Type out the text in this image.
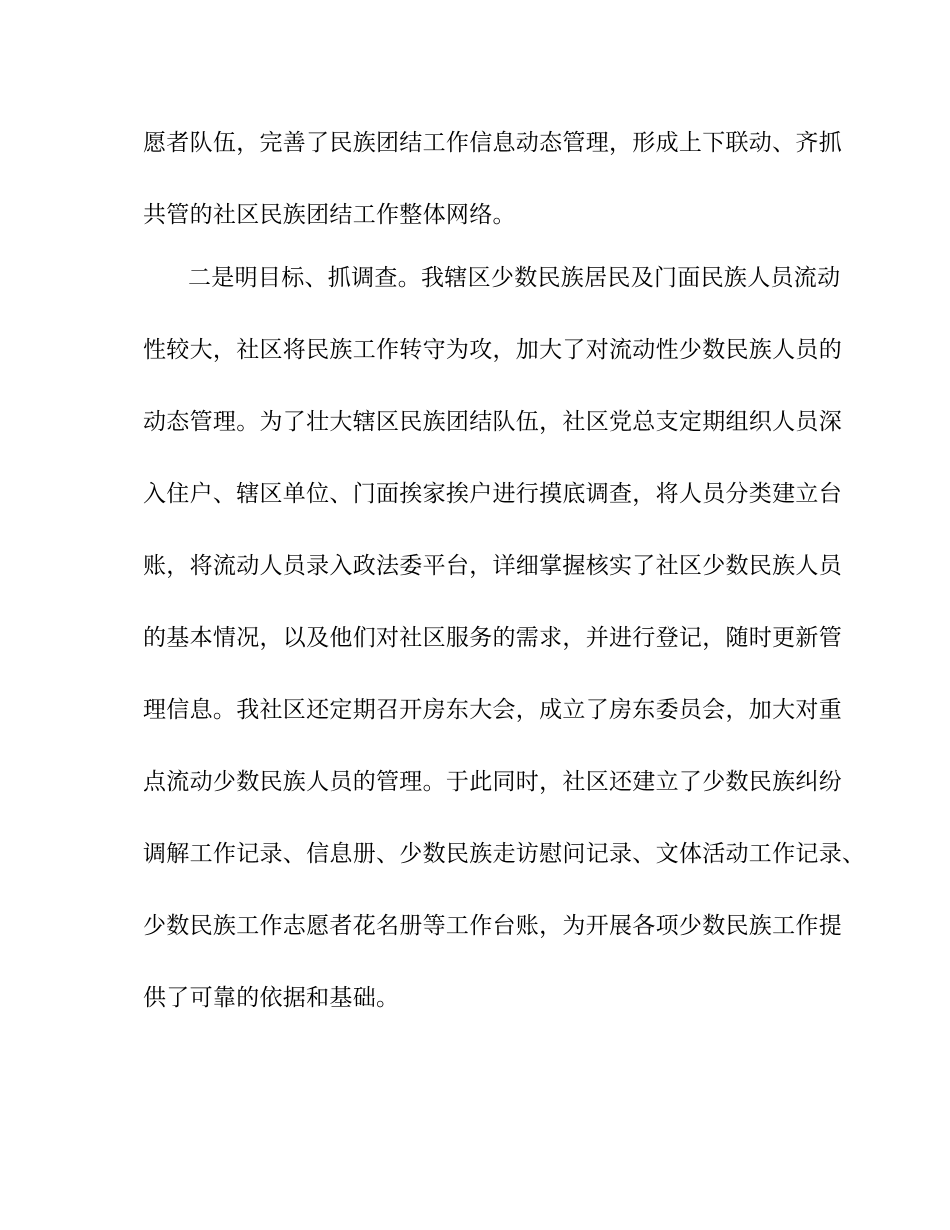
愿者队伍，完善了民族团结工作信息动态管理，形成上下联动、齐抓
共管的社区民族团结工作整体网络。
二是明目标、抓调查。我辖区少数民族居民及门面民族人员流动
性较大，社区将民族工作转守为攻，加大了对流动性少数民族人员的
动态管理。为了壮大辖区民族团结队伍，社区党总支定期组织人员深
入住户、辖区单位、门面挨家挨户进行摸底调查，将人员分类建立台
账，将流动人员录入政法委平台，详细掌握核实了社区少数民族人员
的基本情况，以及他们对社区服务的需求，并进行登记，随时更新管
理信息。我社区还定期召开房东大会，成立了房东委员会，加大对重
点流动少数民族人员的管理。于此同时，社区还建立了少数民族纠纷
调解工作记录、信息册、少数民族走访慰问记录、文体活动工作记录、
少数民族工作志愿者花名册等工作台账，为开展各项少数民族工作提
供了可靠的依据和基础。
